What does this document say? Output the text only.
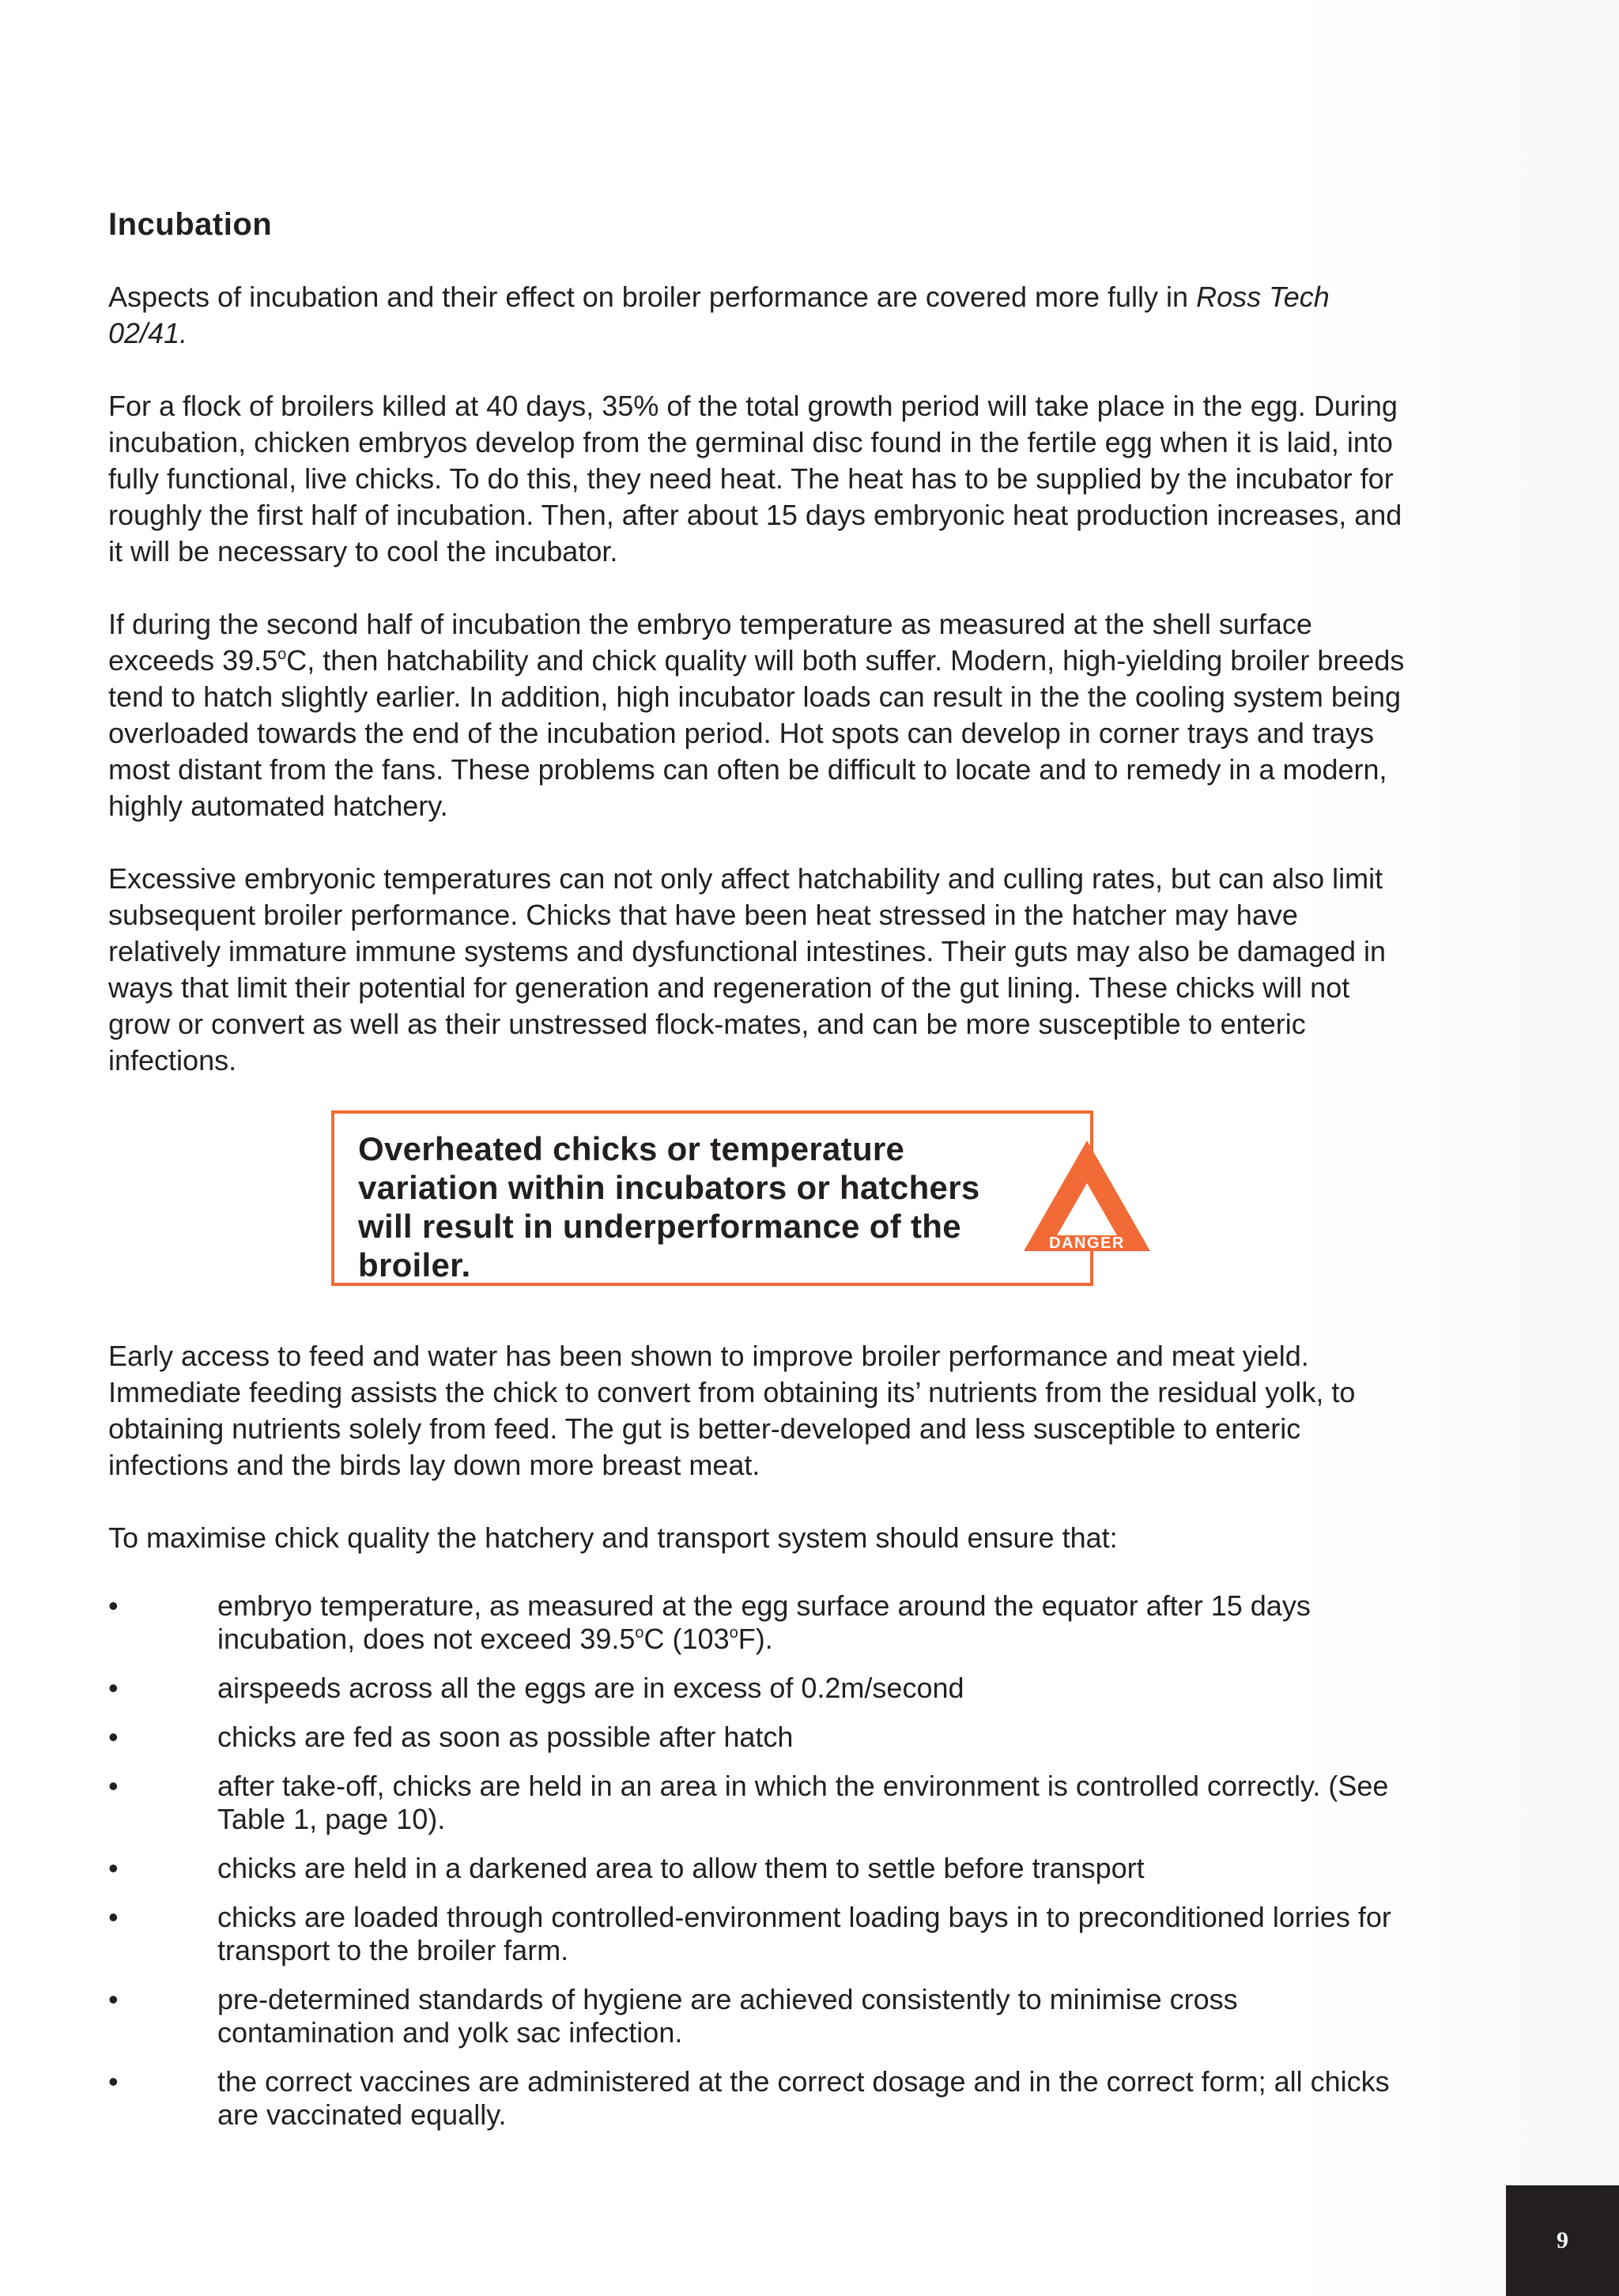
Incubation

Aspects of incubation and their effect on broiler performance are covered more fully in Ross Tech 02/41.

For a flock of broilers killed at 40 days, 35% of the total growth period will take place in the egg. During incubation, chicken embryos develop from the germinal disc found in the fertile egg when it is laid, into fully functional, live chicks. To do this, they need heat. The heat has to be supplied by the incubator for roughly the first half of incubation. Then, after about 15 days embryonic heat production increases, and it will be necessary to cool the incubator.

If during the second half of incubation the embryo temperature as measured at the shell surface exceeds 39.5$^o$C, then hatchability and chick quality will both suffer. Modern, high-yielding broiler breeds tend to hatch slightly earlier. In addition, high incubator loads can result in the the cooling system being overloaded towards the end of the incubation period. Hot spots can develop in corner trays and trays most distant from the fans. These problems can often be difficult to locate and to remedy in a modern, highly automated hatchery.

Excessive embryonic temperatures can not only affect hatchability and culling rates, but can also limit subsequent broiler performance. Chicks that have been heat stressed in the hatcher may have relatively immature immune systems and dysfunctional intestines. Their guts may also be damaged in ways that limit their potential for generation and regeneration of the gut lining. These chicks will not grow or convert as well as their unstressed flock-mates, and can be more susceptible to enteric infections.

Overheated chicks or temperature variation within incubators or hatchers will result in underperformance of the broiler.
DANGER

Early access to feed and water has been shown to improve broiler performance and meat yield. Immediate feeding assists the chick to convert from obtaining its’ nutrients from the residual yolk, to obtaining nutrients solely from feed. The gut is better-developed and less susceptible to enteric infections and the birds lay down more breast meat.

To maximise chick quality the hatchery and transport system should ensure that:

•	embryo temperature, as measured at the egg surface around the equator after 15 days incubation, does not exceed 39.5$^o$C (103$^o$F).
•	airspeeds across all the eggs are in excess of 0.2m/second
•	chicks are fed as soon as possible after hatch
•	after take-off, chicks are held in an area in which the environment is controlled correctly. (See Table 1, page 10).
•	chicks are held in a darkened area to allow them to settle before transport
•	chicks are loaded through controlled-environment loading bays in to preconditioned lorries for transport to the broiler farm.
•	pre-determined standards of hygiene are achieved consistently to minimise cross contamination and yolk sac infection.
•	the correct vaccines are administered at the correct dosage and in the correct form; all chicks are vaccinated equally.
9
